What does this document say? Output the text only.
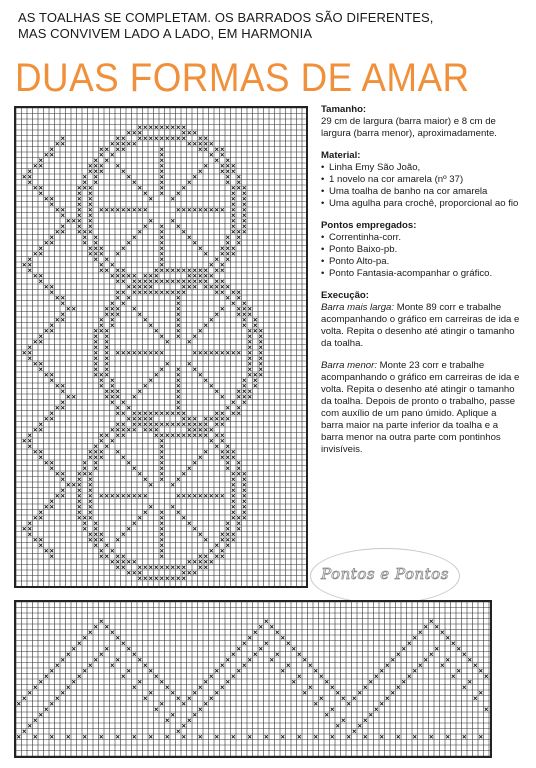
AS TOALHAS SE COMPLETAM. OS BARRADOS SÃO DIFERENTES,
MAS CONVIVEM LADO A LADO, EM HARMONIA
DUAS FORMAS DE AMAR
Tamanho:
29 cm de largura (barra maior) e 8 cm de largura (barra menor), aproximadamente.
Material:
• Linha Emy São João,
• 1 novelo na cor amarela (nº 37)
• Uma toalha de banho na cor amarela
• Uma agulha para crochê, proporcional ao fio
Pontos empregados:
• Correntinha-corr.
• Ponto Baixo-pb.
• Ponto Alto-pa.
• Ponto Fantasia-acompanhar o gráfico.
Execução:

Barra mais larga: Monte 89 corr e trabalhe acompanhando o gráfico em carreiras de ida e volta. Repita o desenho até atingir o tamanho da toalha.

Barra menor: Monte 23 corr e trabalhe acompanhando o gráfico em carreiras de ida e volta. Repita o desenho até atingir o tamanho da toalha. Depois de pronto o trabalho, passe com auxílio de um pano úmido. Aplique a barra maior na parte inferior da toalha e a barra menor na outra parte com pontinhos invisíveis.

Pontos e Pontos
